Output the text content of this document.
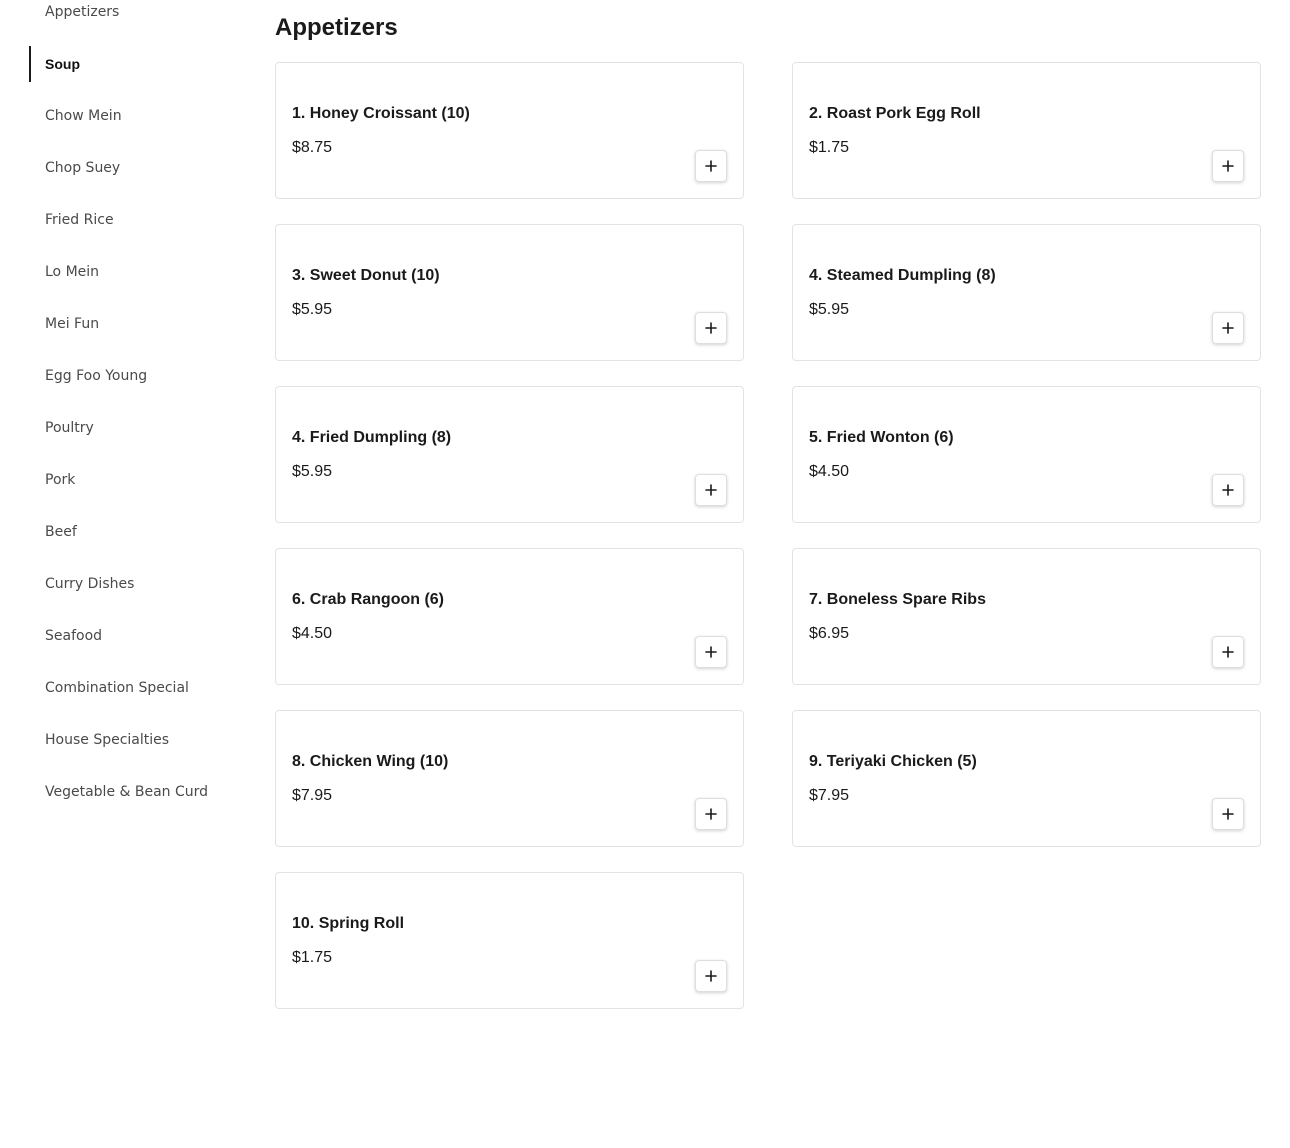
Appetizers
Soup
Chow Mein
Chop Suey
Fried Rice
Lo Mein
Mei Fun
Egg Foo Young
Poultry
Pork
Beef
Curry Dishes
Seafood
Combination Special
House Specialties
Vegetable & Bean Curd
Appetizers
1. Honey Croissant (10)
$8.75
2. Roast Pork Egg Roll
$1.75
3. Sweet Donut (10)
$5.95
4. Steamed Dumpling (8)
$5.95
4. Fried Dumpling (8)
$5.95
5. Fried Wonton (6)
$4.50
6. Crab Rangoon (6)
$4.50
7. Boneless Spare Ribs
$6.95
8. Chicken Wing (10)
$7.95
9. Teriyaki Chicken (5)
$7.95
10. Spring Roll
$1.75
